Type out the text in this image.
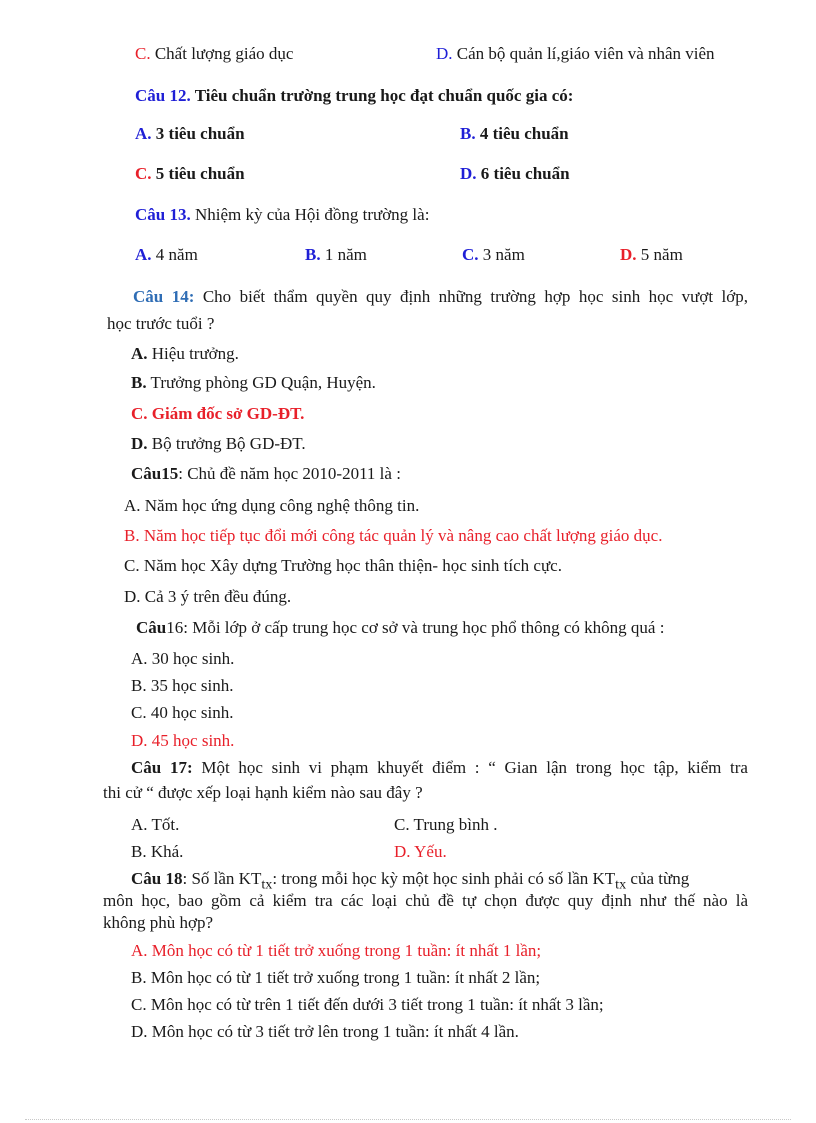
C. Chất lượng giáo dục	D. Cán bộ quản lí,giáo viên và nhân viên
Câu 12. Tiêu chuẩn trường trung học đạt chuẩn quốc gia có:
A. 3 tiêu chuẩn	B. 4 tiêu chuẩn
C. 5 tiêu chuẩn	D. 6 tiêu chuẩn
Câu 13. Nhiệm kỳ của Hội đồng trường là:
A. 4 năm	B. 1 năm	C. 3 năm	D. 5 năm
Câu 14: Cho biết thẩm quyền quy định những trường hợp học sinh học vượt lớp,
học trước tuổi ?
A. Hiệu trưởng.
B. Trưởng phòng GD Quận, Huyện.
C. Giám đốc sở GD-ĐT.
D. Bộ trưởng Bộ GD-ĐT.
Câu15: Chủ đề năm học 2010-2011 là :
A. Năm học ứng dụng công nghệ thông tin.
B. Năm học tiếp tục đổi mới công tác quản lý và nâng cao chất lượng giáo dục.
C. Năm học Xây dựng Trường học thân thiện- học sinh tích cực.
D. Cả 3 ý trên đều đúng.
Câu16: Mỗi lớp ở cấp trung học cơ sở và trung học phổ thông có không quá :
A. 30 học sinh.
B. 35 học sinh.
C. 40 học sinh.
D. 45 học sinh.
Câu 17: Một học sinh vi phạm khuyết điểm : “ Gian lận trong học tập, kiểm tra
thi cử “ được xếp loại hạnh kiểm nào sau đây ?
A. Tốt.	C. Trung bình .
B. Khá.	D. Yếu.
Câu 18: Số lần $KT_{tx}$: trong mỗi học kỳ một học sinh phải có số lần $KT_{tx}$ của từng
môn học, bao gồm cả kiểm tra các loại chủ đề tự chọn được quy định như thế nào là
không phù hợp?
A. Môn học có từ 1 tiết trở xuống trong 1 tuần: ít nhất 1 lần;
B. Môn học có từ 1 tiết trở xuống trong 1 tuần: ít nhất 2 lần;
C. Môn học có từ trên 1 tiết đến dưới 3 tiết trong 1 tuần: ít nhất 3 lần;
D. Môn học có từ 3 tiết trở lên trong 1 tuần: ít nhất 4 lần.
